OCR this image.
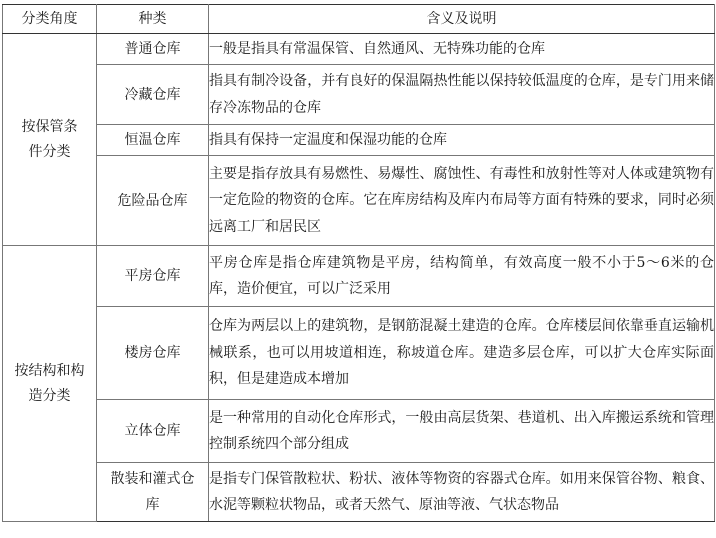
分类角度	种类	含义及说明

按保管条件分类	普通仓库	一般是指具有常温保管、自然通风、无特殊功能的仓库
	冷藏仓库	指具有制冷设备，并有良好的保温隔热性能以保持较低温度的仓库，是专门用来储存冷冻物品的仓库
	恒温仓库	指具有保持一定温度和保湿功能的仓库
	危险品仓库	主要是指存放具有易燃性、易爆性、腐蚀性、有毒性和放射性等对人体或建筑物有一定危险的物资的仓库。它在库房结构及库内布局等方面有特殊的要求，同时必须远离工厂和居民区

按结构和构造分类	平房仓库	平房仓库是指仓库建筑物是平房，结构简单，有效高度一般不小于5～6米的仓库，造价便宜，可以广泛采用
	楼房仓库	仓库为两层以上的建筑物，是钢筋混凝土建造的仓库。仓库楼层间依靠垂直运输机械联系，也可以用坡道相连，称坡道仓库。建造多层仓库，可以扩大仓库实际面积，但是建造成本增加
	立体仓库	是一种常用的自动化仓库形式，一般由高层货架、巷道机、出入库搬运系统和管理控制系统四个部分组成

	散装和灌式仓库	是指专门保管散粒状、粉状、液体等物资的容器式仓库。如用来保管谷物、粮食、水泥等颗粒状物品，或者天然气、原油等液、气状态物品
